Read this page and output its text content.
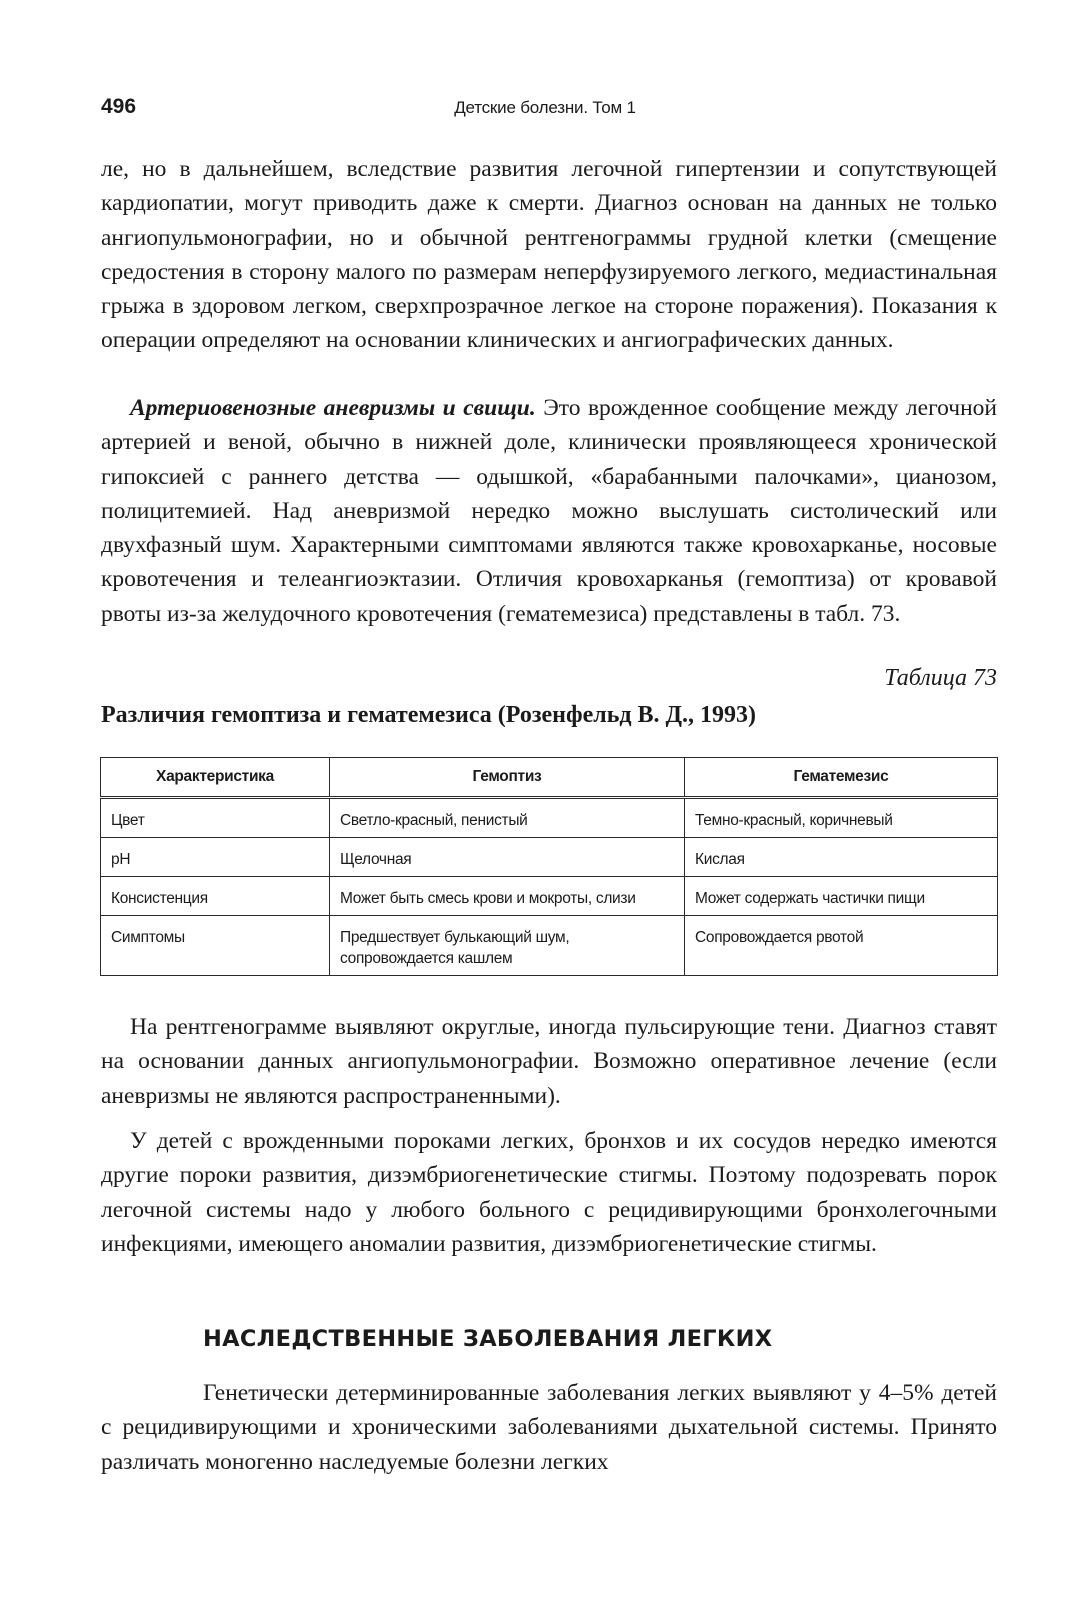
496	Детские болезни. Том 1

ле, но в дальнейшем, вследствие развития легочной гипертензии и сопутствующей кардиопатии, могут приводить даже к смерти. Диагноз основан на данных не только ангиопульмонографии, но и обычной рентгенограммы грудной клетки (смещение средостения в сторону малого по размерам неперфузируемого легкого, медиастинальная грыжа в здоровом легком, сверхпрозрачное легкое на стороне поражения). Показания к операции определяют на основании клинических и ангиографических данных.

Артериовенозные аневризмы и свищи. Это врожденное сообщение между легочной артерией и веной, обычно в нижней доле, клинически проявляющееся хронической гипоксией с раннего детства — одышкой, «барабанными палочками», цианозом, полицитемией. Над аневризмой нередко можно выслушать систолический или двухфазный шум. Характерными симптомами являются также кровохарканье, носовые кровотечения и телеангиоэктазии. Отличия кровохарканья (гемоптиза) от кровавой рвоты из-за желудочного кровотечения (гематемезиса) представлены в табл. 73.

Таблица 73

Различия гемоптиза и гематемезиса (Розенфельд В. Д., 1993)

Характеристика	Гемоптиз	Гематемезис
Цвет	Светло-красный, пенистый	Темно-красный, коричневый
pH	Щелочная	Кислая
Консистенция	Может быть смесь крови и мокроты, слизи	Может содержать частички пищи
Симптомы	Предшествует булькающий шум, сопровождается кашлем	Сопровождается рвотой

На рентгенограмме выявляют округлые, иногда пульсирующие тени. Диагноз ставят на основании данных ангиопульмонографии. Возможно оперативное лечение (если аневризмы не являются распространенными).

У детей с врожденными пороками легких, бронхов и их сосудов нередко имеются другие пороки развития, дизэмбриогенетические стигмы. Поэтому подозревать порок легочной системы надо у любого больного с рецидивирующими бронхолегочными инфекциями, имеющего аномалии развития, дизэмбриогенетические стигмы.

НАСЛЕДСТВЕННЫЕ ЗАБОЛЕВАНИЯ ЛЕГКИХ

Генетически детерминированные заболевания легких выявляют у 4–5% детей с рецидивирующими и хроническими заболеваниями дыхательной системы. Принято различать моногенно наследуемые болезни легких
